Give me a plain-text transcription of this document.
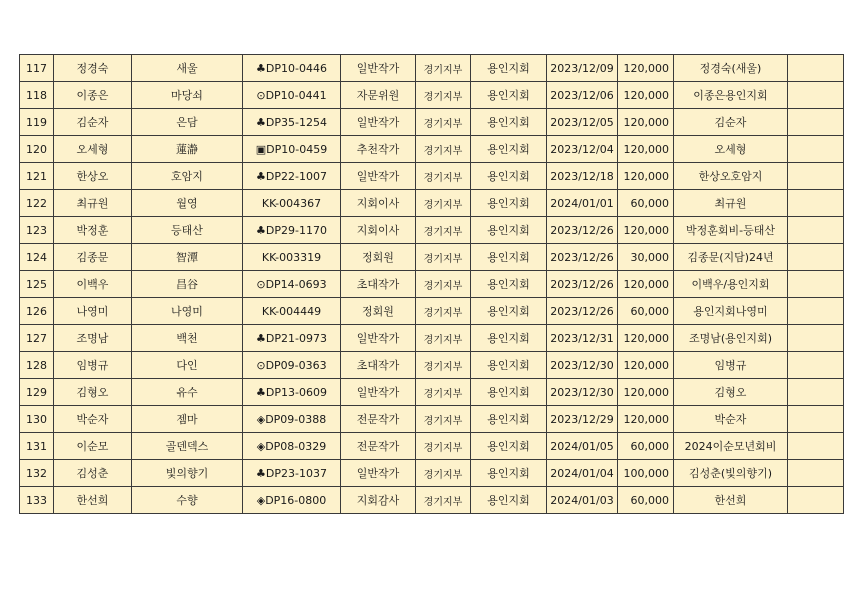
117	정경숙	새울	♣DP10-0446	일반작가	경기지부	용인지회	2023/12/09	120,000	정경숙(새울)	
118	이종은	마당쇠	⊙DP10-0441	자문위원	경기지부	용인지회	2023/12/06	120,000	이종은용인지회	
119	김순자	은담	♣DP35-1254	일반작가	경기지부	용인지회	2023/12/05	120,000	김순자	
120	오세형	蓮瀞	▣DP10-0459	추천작가	경기지부	용인지회	2023/12/04	120,000	오세형	
121	한상오	호암지	♣DP22-1007	일반작가	경기지부	용인지회	2023/12/18	120,000	한상오호암지	
122	최규원	월영	KK-004367	지회이사	경기지부	용인지회	2024/01/01	60,000	최규원	
123	박정훈	등태산	♣DP29-1170	지회이사	경기지부	용인지회	2023/12/26	120,000	박정훈회비-등태산	
124	김종문	智潭	KK-003319	정회원	경기지부	용인지회	2023/12/26	30,000	김종문(지담)24년	
125	이백우	昌谷	⊙DP14-0693	초대작가	경기지부	용인지회	2023/12/26	120,000	이백우/용인지회	
126	나영미	나영미	KK-004449	정회원	경기지부	용인지회	2023/12/26	60,000	용인지회나영미	
127	조명남	백천	♣DP21-0973	일반작가	경기지부	용인지회	2023/12/31	120,000	조명남(용인지회)	
128	임병규	다인	⊙DP09-0363	초대작가	경기지부	용인지회	2023/12/30	120,000	임병규	
129	김형오	유수	♣DP13-0609	일반작가	경기지부	용인지회	2023/12/30	120,000	김형오	
130	박순자	젬마	◈DP09-0388	전문작가	경기지부	용인지회	2023/12/29	120,000	박순자	
131	이순모	골덴덱스	◈DP08-0329	전문작가	경기지부	용인지회	2024/01/05	60,000	2024이순모년회비	
132	김성춘	빛의향기	♣DP23-1037	일반작가	경기지부	용인지회	2024/01/04	100,000	김성춘(빛의향기)	
133	한선희	수향	◈DP16-0800	지회감사	경기지부	용인지회	2024/01/03	60,000	한선희	
